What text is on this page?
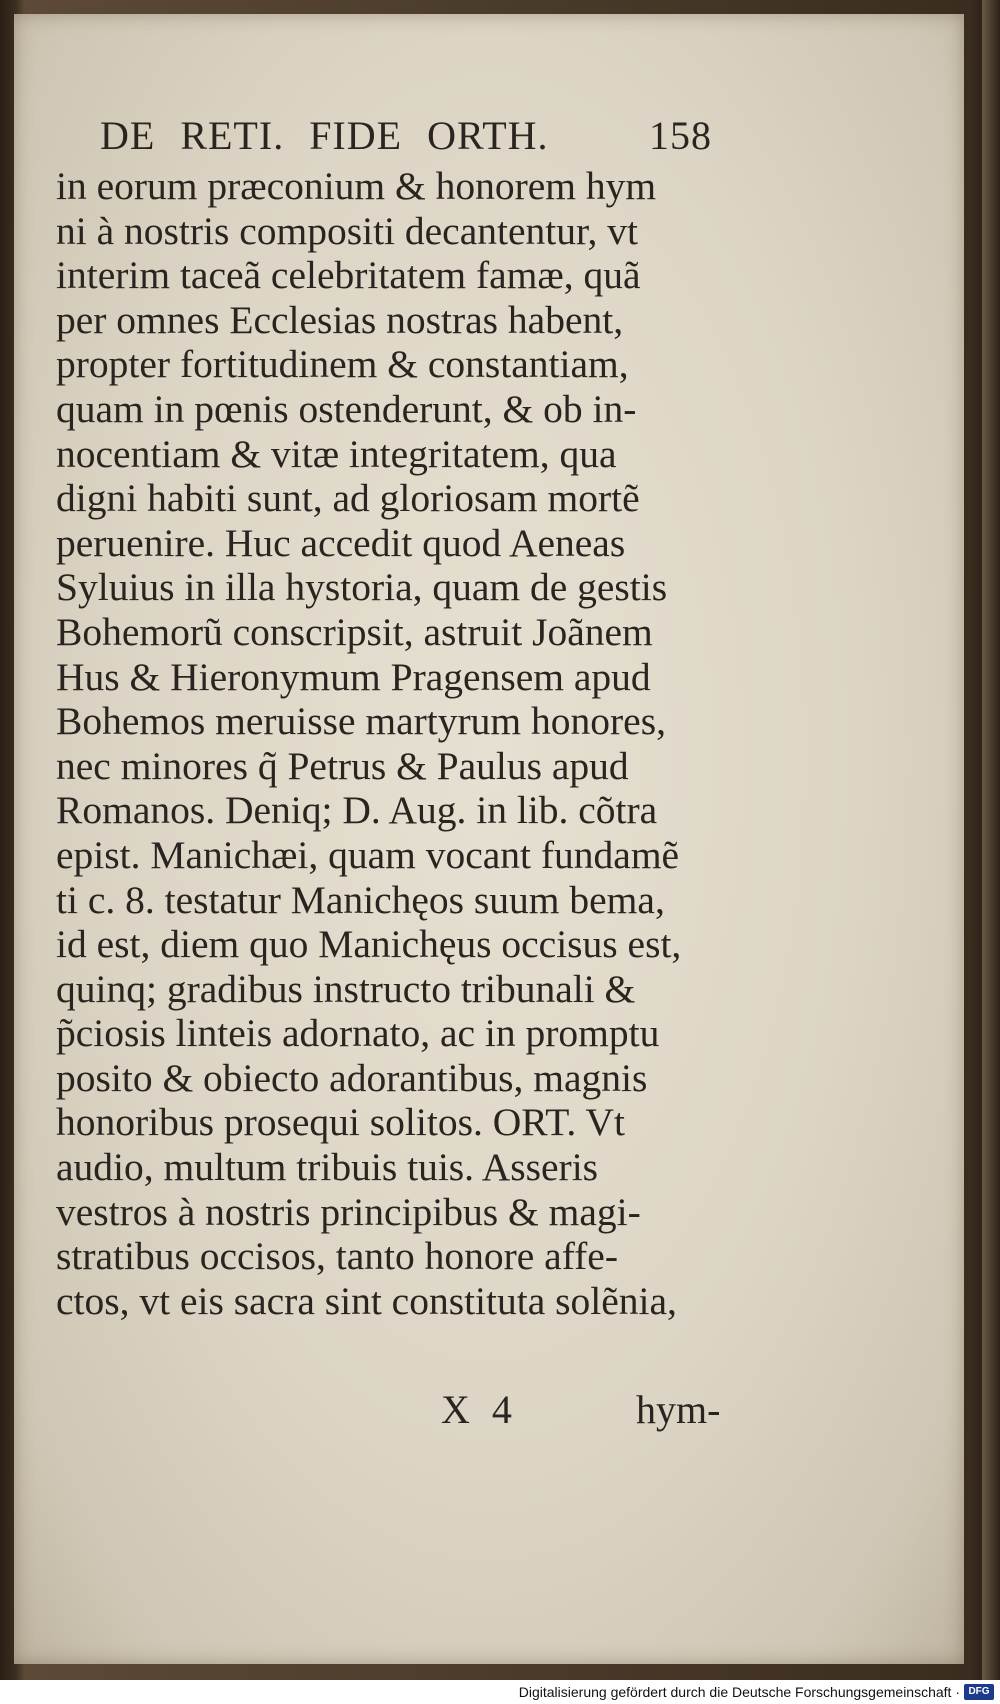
DE RETI. FIDE ORTH.	158
in eorum præconium & honorem hym
ni à nostris compositi decantentur, vt
interim taceã celebritatem famæ, quã
per omnes Ecclesias nostras habent,
propter fortitudinem & constantiam,
quam in pœnis ostenderunt, & ob in-
nocentiam & vitæ integritatem, qua
digni habiti sunt, ad gloriosam mortẽ
peruenire. Huc accedit quod Aeneas
Syluius in illa hystoria, quam de gestis
Bohemorũ conscripsit, astruit Joãnem
Hus & Hieronymum Pragensem apud
Bohemos meruisse martyrum honores,
nec minores q̃ Petrus & Paulus apud
Romanos. Deniq; D. Aug. in lib. cõtra
epist. Manichæi, quam vocant fundamẽ
ti c. 8. testatur Manichęos suum bema,
id est, diem quo Manichęus occisus est,
quinq; gradibus instructo tribunali &
p̃ciosis linteis adornato, ac in promptu
posito & obiecto adorantibus, magnis
honoribus prosequi solitos. ORT. Vt
audio, multum tribuis tuis. Asseris
vestros à nostris principibus & magi-
stratibus occisos, tanto honore affe-
ctos, vt eis sacra sint constituta solẽnia,
X 4	hym-
Digitalisierung gefördert durch die Deutsche Forschungsgemeinschaft · DFG
